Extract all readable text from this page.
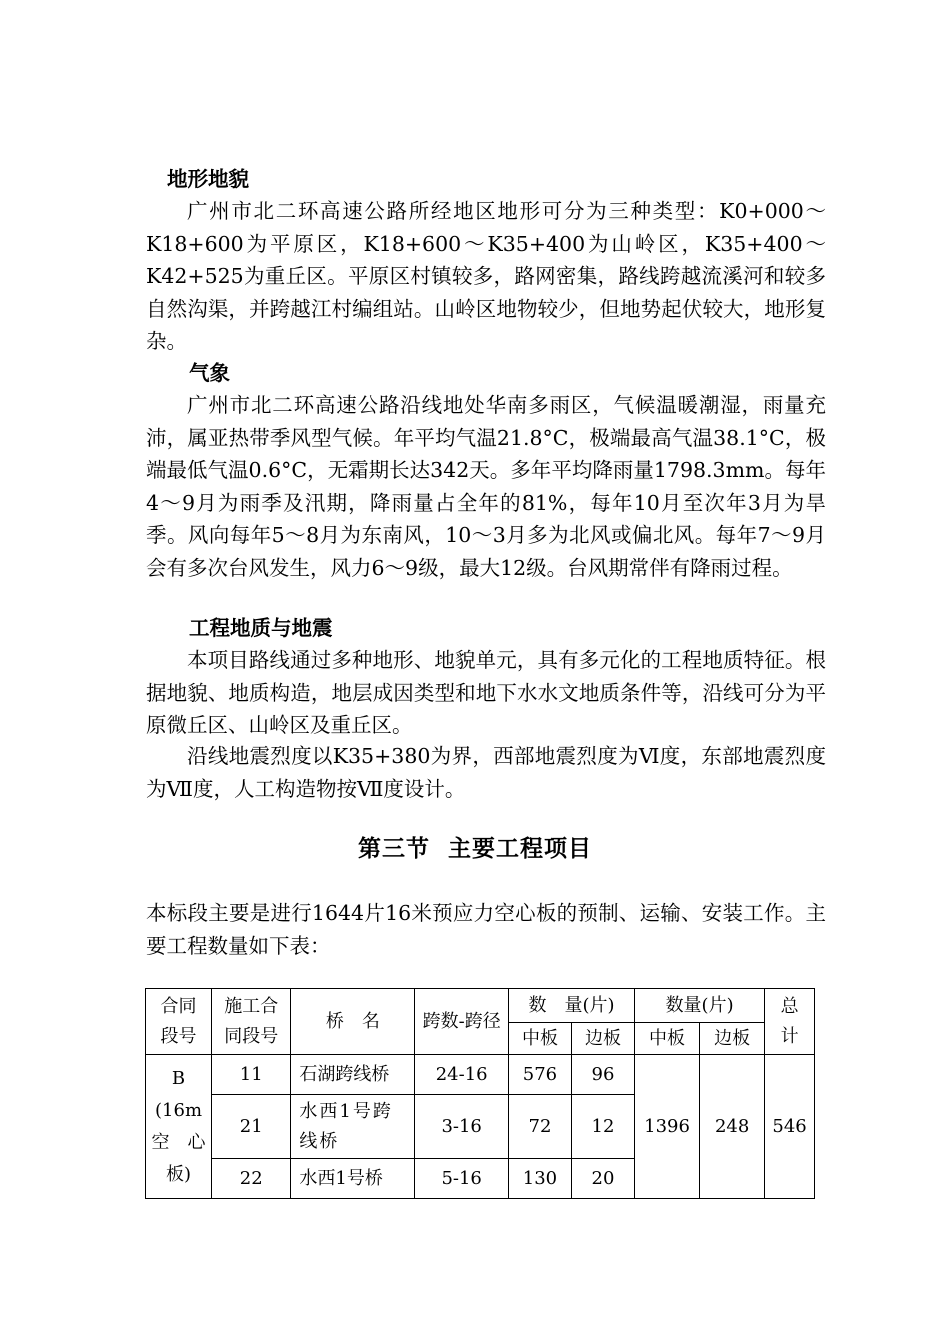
地形地貌
广州市北二环高速公路所经地区地形可分为三种类型：K0+000～K18+600为平原区，K18+600～K35+400为山岭区，K35+400～K42+525为重丘区。平原区村镇较多，路网密集，路线跨越流溪河和较多自然沟渠，并跨越江村编组站。山岭区地物较少，但地势起伏较大，地形复杂。
气象
广州市北二环高速公路沿线地处华南多雨区，气候温暖潮湿，雨量充沛，属亚热带季风型气候。年平均气温21.8°C，极端最高气温38.1°C，极端最低气温0.6°C，无霜期长达342天。多年平均降雨量1798.3mm。每年4～9月为雨季及汛期，降雨量占全年的81%，每年10月至次年3月为旱季。风向每年5～8月为东南风，10～3月多为北风或偏北风。每年7～9月会有多次台风发生，风力6～9级，最大12级。台风期常伴有降雨过程。
工程地质与地震
本项目路线通过多种地形、地貌单元，具有多元化的工程地质特征。根据地貌、地质构造，地层成因类型和地下水水文地质条件等，沿线可分为平原微丘区、山岭区及重丘区。
沿线地震烈度以K35+380为界，西部地震烈度为Ⅵ度，东部地震烈度为Ⅶ度，人工构造物按Ⅶ度设计。
第三节  主要工程项目
本标段主要是进行1644片16米预应力空心板的预制、运输、安装工作。主要工程数量如下表：
合同段号	施工合同段号	桥　名	跨数-跨径	数　量(片)		数量(片)		总计

				中板	边板	中板	边板	
B
(16m
空　心
板)	11	石湖跨线桥	24-16	576	96	1396	248	546
	21	水西1号跨线桥	3-16	72	12			
	22	水西1号桥	5-16	130	20			
